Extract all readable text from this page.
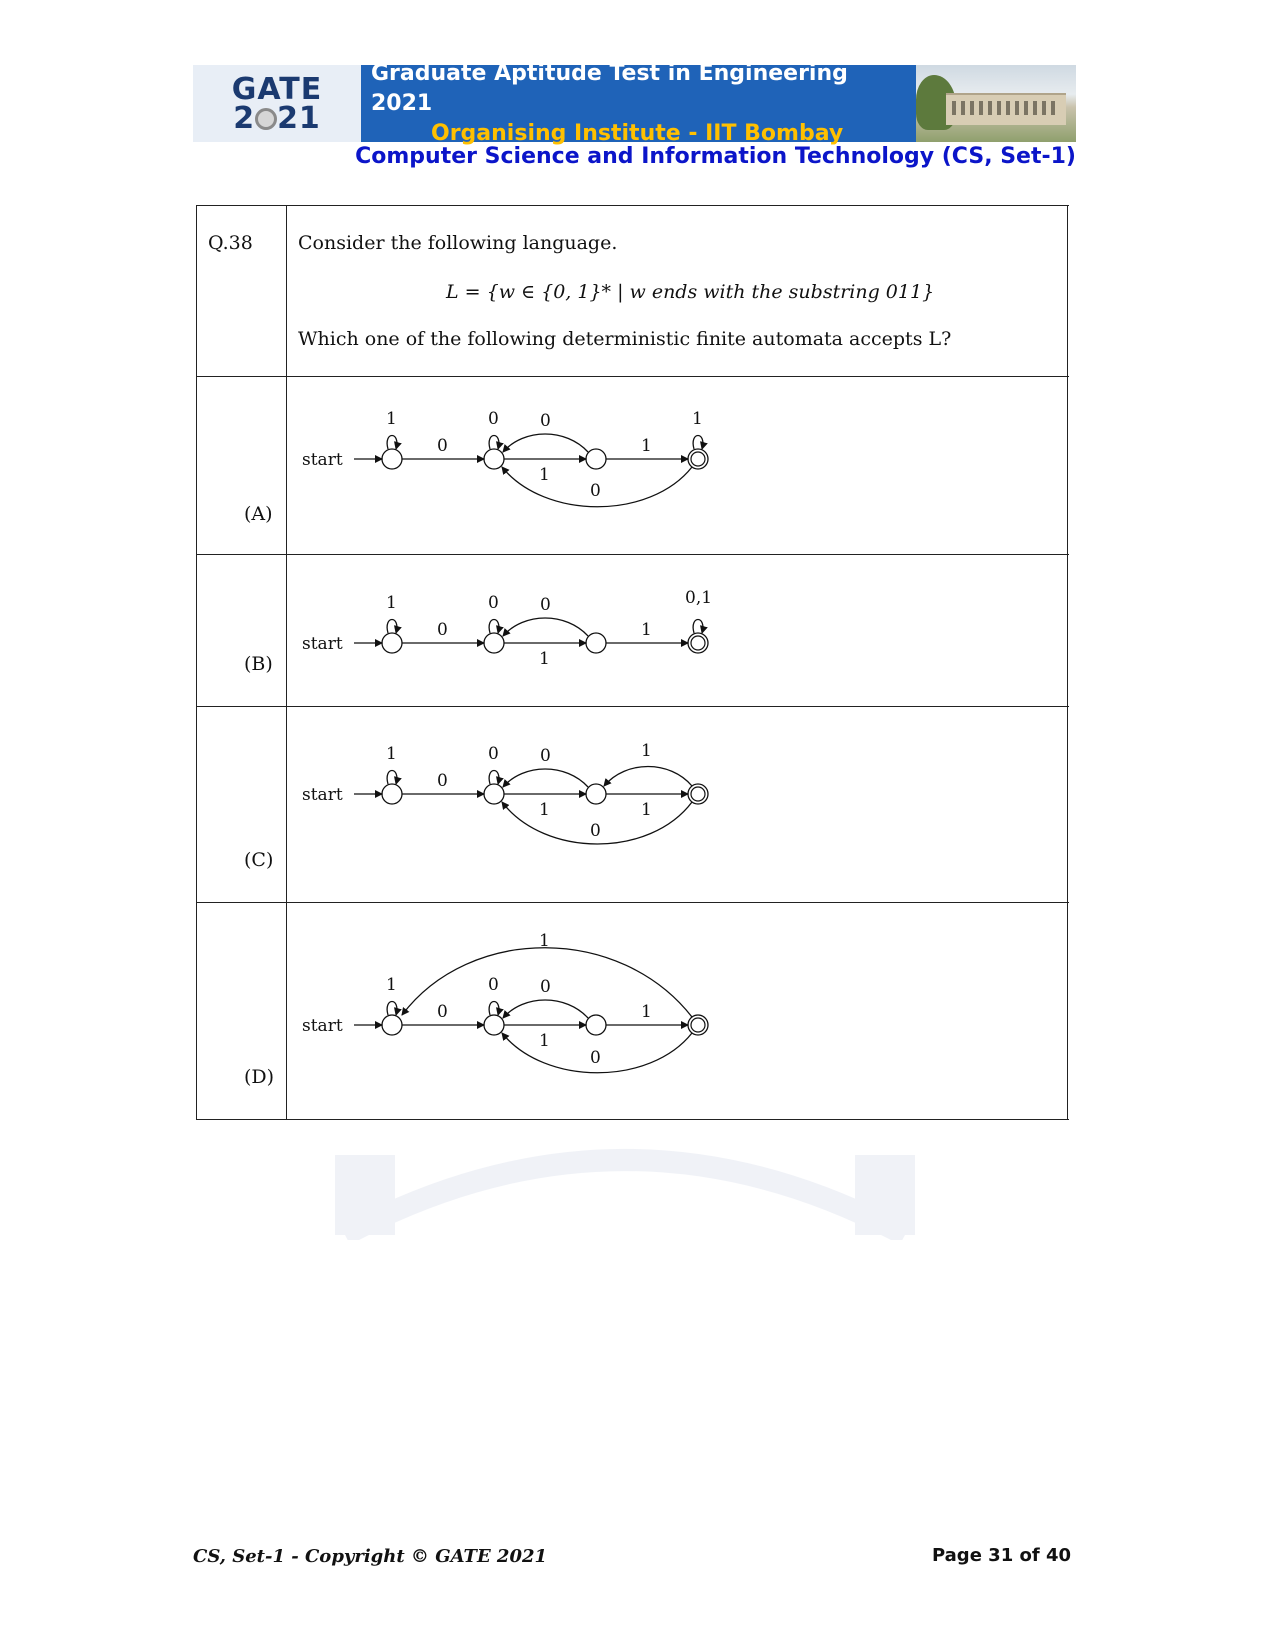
GATE
2 21
Graduate Aptitude Test in Engineering 2021
Organising Institute - IIT Bombay
Computer Science and Information Technology (CS, Set-1)
Q.38 Consider the following language.
L = {w ∈ {0, 1}* | w ends with the substring 011}
Which one of the following deterministic finite automata accepts L?
(A)
(B)
(C)
(D)
start
1	0	1
0
1
0
1
0
start
1	0	0,1
0
1
0
1
start
1	0
0
1
0
1
1
0
start
1	0
0
1
0
1
0
1
CS, Set-1 - Copyright © GATE 2021	Page 31 of 40
